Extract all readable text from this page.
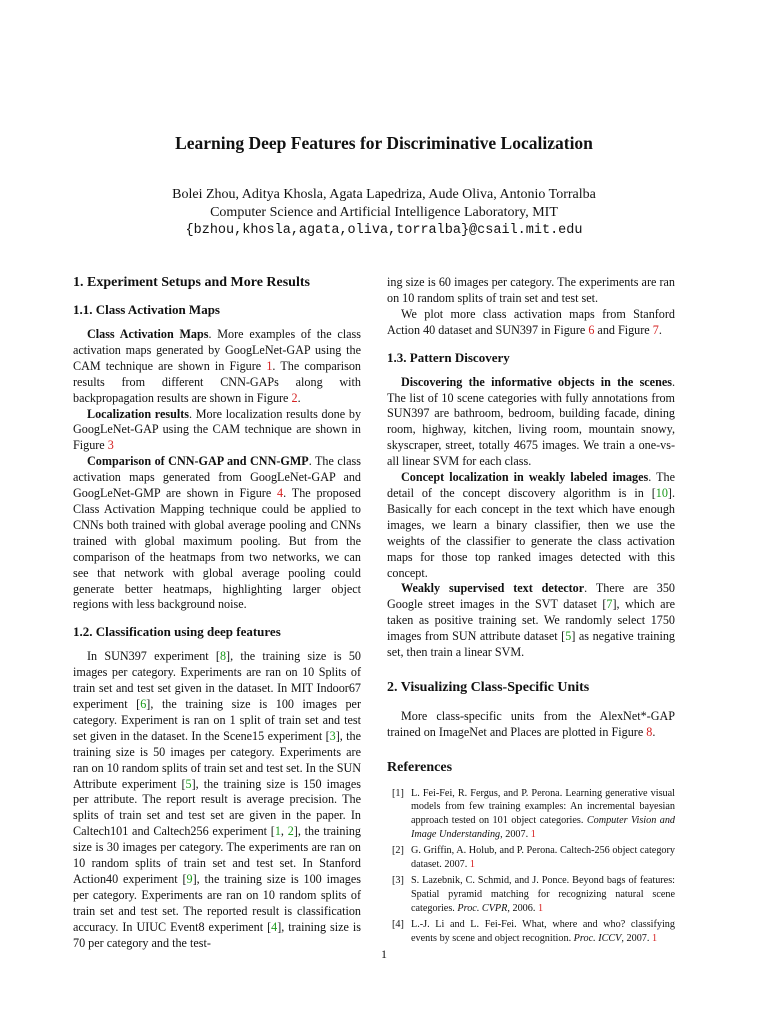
Learning Deep Features for Discriminative Localization
Bolei Zhou, Aditya Khosla, Agata Lapedriza, Aude Oliva, Antonio Torralba
Computer Science and Artificial Intelligence Laboratory, MIT
{bzhou,khosla,agata,oliva,torralba}@csail.mit.edu
1. Experiment Setups and More Results
1.1. Class Activation Maps

Class Activation Maps. More examples of the class activation maps generated by GoogLeNet-GAP using the CAM technique are shown in Figure 1. The comparison results from different CNN-GAPs along with backpropagation results are shown in Figure 2.

Localization results. More localization results done by GoogLeNet-GAP using the CAM technique are shown in Figure 3

Comparison of CNN-GAP and CNN-GMP. The class activation maps generated from GoogLeNet-GAP and GoogLeNet-GMP are shown in Figure 4. The proposed Class Activation Mapping technique could be applied to CNNs both trained with global average pooling and CNNs trained with global maximum pooling. But from the comparison of the heatmaps from two networks, we can see that network with global average pooling could generate better heatmaps, highlighting larger object regions with less background noise.

1.2. Classification using deep features

In SUN397 experiment [8], the training size is 50 images per category. Experiments are ran on 10 Splits of train set and test set given in the dataset. In MIT Indoor67 experiment [6], the training size is 100 images per category. Experiment is ran on 1 split of train set and test set given in the dataset. In the Scene15 experiment [3], the training size is 50 images per category. Experiments are ran on 10 random splits of train set and test set. In the SUN Attribute experiment [5], the training size is 150 images per attribute. The report result is average precision. The splits of train set and test set are given in the paper. In Caltech101 and Caltech256 experiment [1, 2], the training size is 30 images per category. The experiments are ran on 10 random splits of train set and test set. In Stanford Action40 experiment [9], the training size is 100 images per category. Experiments are ran on 10 random splits of train set and test set. The reported result is classification accuracy. In UIUC Event8 experiment [4], training size is 70 per category and the test-

ing size is 60 images per category. The experiments are ran on 10 random splits of train set and test set.

We plot more class activation maps from Stanford Action 40 dataset and SUN397 in Figure 6 and Figure 7.

1.3. Pattern Discovery

Discovering the informative objects in the scenes. The list of 10 scene categories with fully annotations from SUN397 are bathroom, bedroom, building facade, dining room, highway, kitchen, living room, mountain snowy, skyscraper, street, totally 4675 images. We train a one-vs-all linear SVM for each class.

Concept localization in weakly labeled images. The detail of the concept discovery algorithm is in [10]. Basically for each concept in the text which have enough images, we learn a binary classifier, then we use the weights of the classifier to generate the class activation maps for those top ranked images detected with this concept.

Weakly supervised text detector. There are 350 Google street images in the SVT dataset [7], which are taken as positive training set. We randomly select 1750 images from SUN attribute dataset [5] as negative training set, then train a linear SVM.

2. Visualizing Class-Specific Units

More class-specific units from the AlexNet*-GAP trained on ImageNet and Places are plotted in Figure 8.

References
[1] L. Fei-Fei, R. Fergus, and P. Perona. Learning generative visual models from few training examples: An incremental bayesian approach tested on 101 object categories. Computer Vision and Image Understanding, 2007. 1
[2] G. Griffin, A. Holub, and P. Perona. Caltech-256 object category dataset. 2007. 1
[3] S. Lazebnik, C. Schmid, and J. Ponce. Beyond bags of features: Spatial pyramid matching for recognizing natural scene categories. Proc. CVPR, 2006. 1
[4] L.-J. Li and L. Fei-Fei. What, where and who? classifying events by scene and object recognition. Proc. ICCV, 2007. 1
1
